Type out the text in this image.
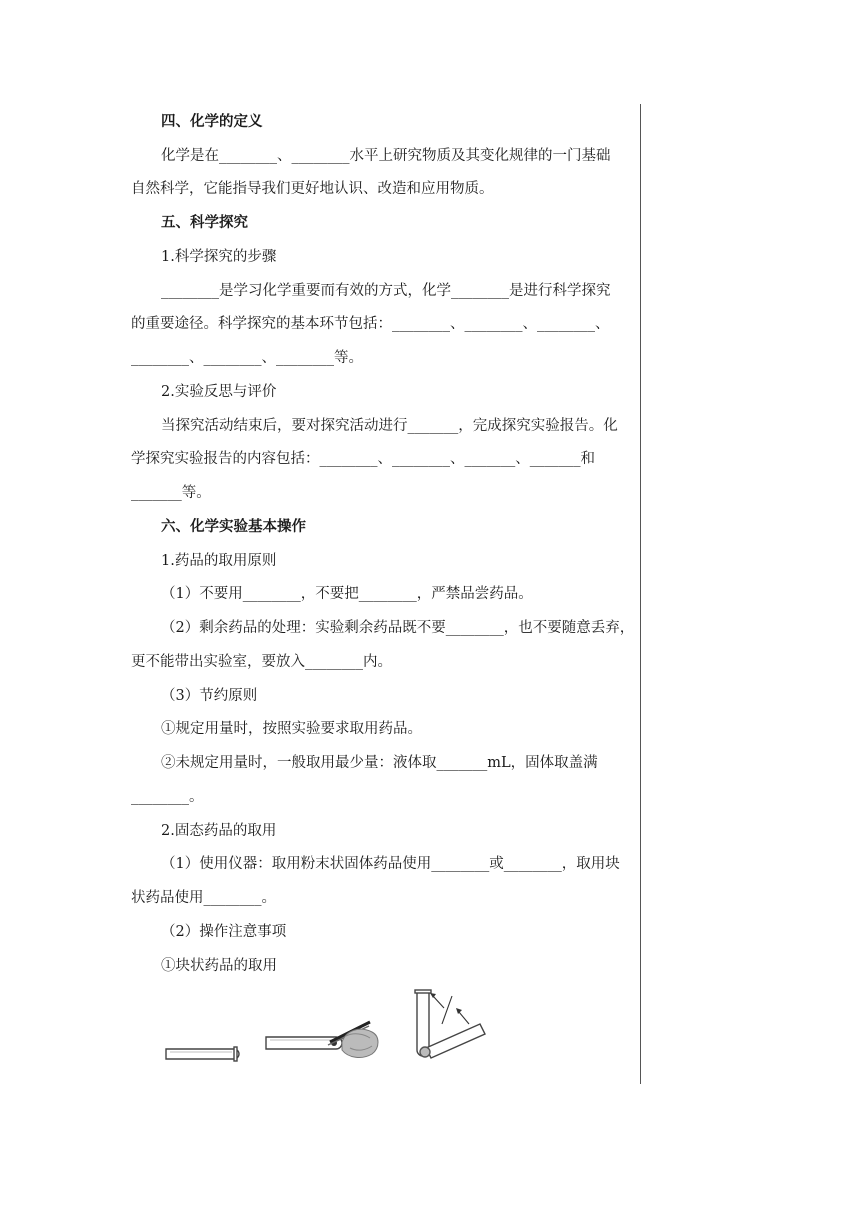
四、化学的定义
化学是在________、________水平上研究物质及其变化规律的一门基础
自然科学，它能指导我们更好地认识、改造和应用物质。
五、科学探究
1.科学探究的步骤
________是学习化学重要而有效的方式，化学________是进行科学探究
的重要途径。科学探究的基本环节包括：________、________、________、
________、________、________等。
2.实验反思与评价
当探究活动结束后，要对探究活动进行_______，完成探究实验报告。化
学探究实验报告的内容包括：________、________、_______、_______和
_______等。
六、化学实验基本操作
1.药品的取用原则
（1）不要用________，不要把________，严禁品尝药品。
（2）剩余药品的处理：实验剩余药品既不要________，也不要随意丢弃，
更不能带出实验室，要放入________内。
（3）节约原则
①规定用量时，按照实验要求取用药品。
②未规定用量时，一般取用最少量：液体取_______mL，固体取盖满
________。
2.固态药品的取用
（1）使用仪器：取用粉末状固体药品使用________或________，取用块
状药品使用________。
（2）操作注意事项
①块状药品的取用
